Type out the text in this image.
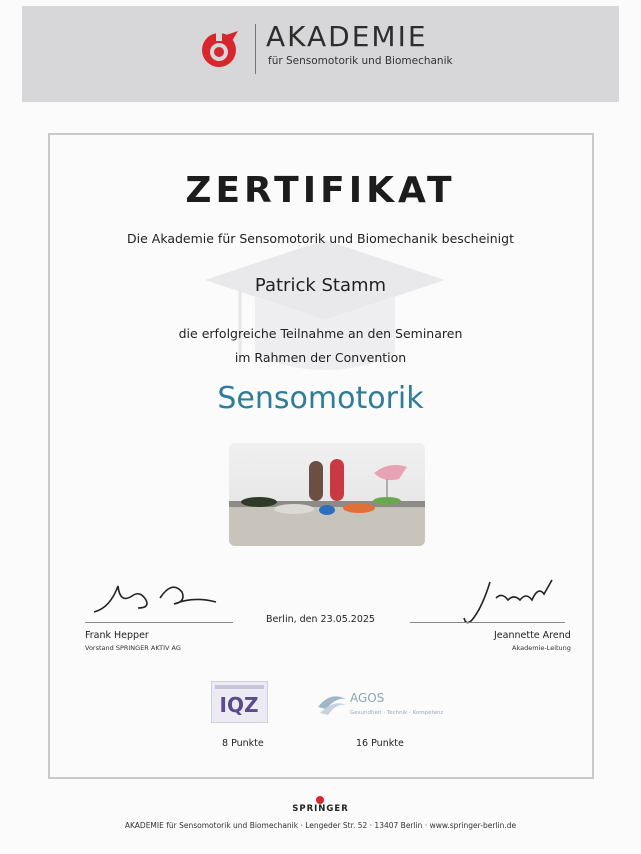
AKADEMIE
für Sensomotorik und Biomechanik
ZERTIFIKAT
Die Akademie für Sensomotorik und Biomechanik bescheinigt
Patrick Stamm
die erfolgreiche Teilnahme an den Seminaren
im Rahmen der Convention
Sensomotorik
Frank Hepper
Vorstand SPRINGER AKTIV AG
Berlin, den 23.05.2025
Jeannette Arend
Akademie-Leitung
IQZ
8 Punkte
AGOS
Gesundheit · Technik · Kompetenz
16 Punkte
SPRINGER
AKADEMIE für Sensomotorik und Biomechanik · Lengeder Str. 52 · 13407 Berlin · www.springer-berlin.de
